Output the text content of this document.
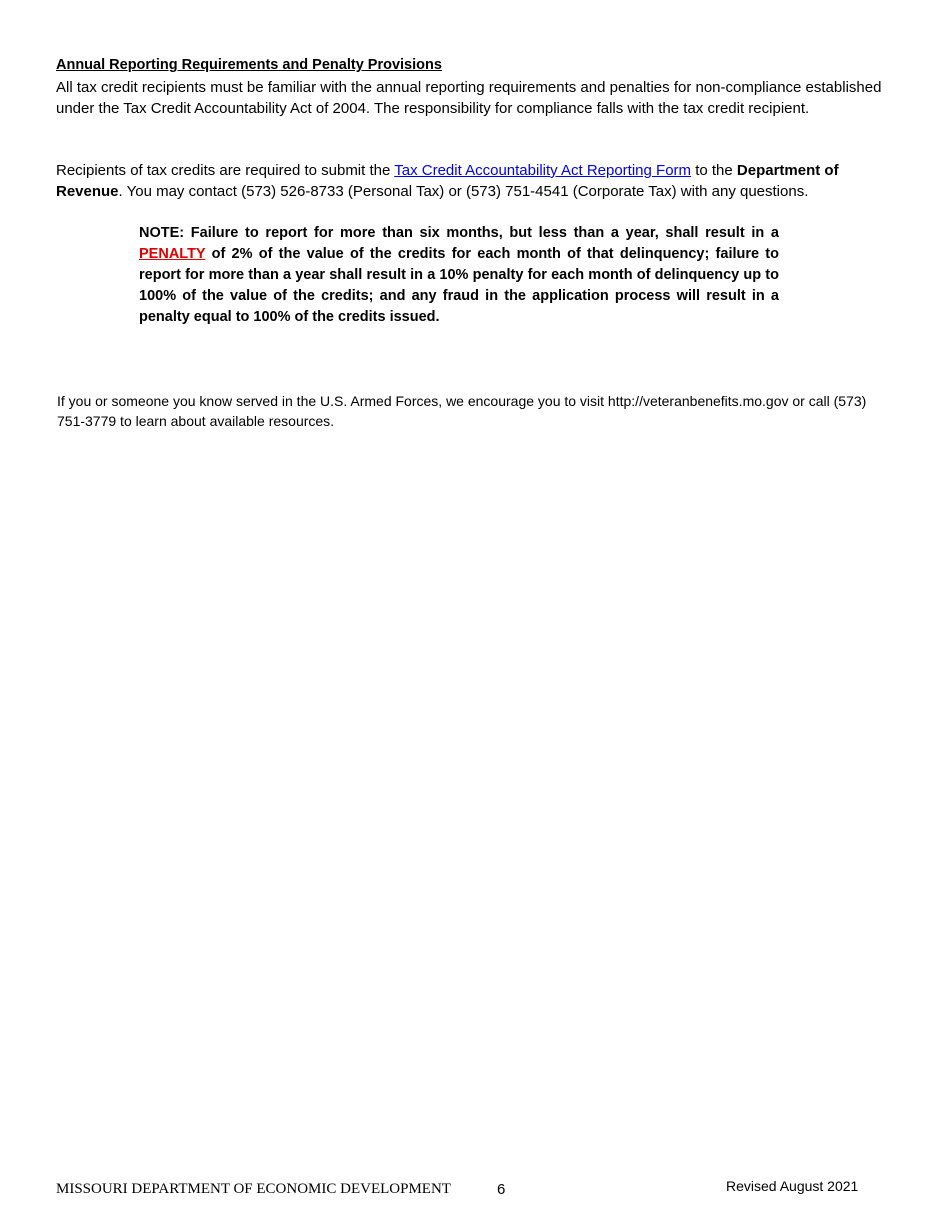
Annual Reporting Requirements and Penalty Provisions
All tax credit recipients must be familiar with the annual reporting requirements and penalties for non-compliance established under the Tax Credit Accountability Act of 2004. The responsibility for compliance falls with the tax credit recipient.
Recipients of tax credits are required to submit the Tax Credit Accountability Act Reporting Form to the Department of Revenue. You may contact (573) 526-8733 (Personal Tax) or (573) 751-4541 (Corporate Tax) with any questions.
NOTE: Failure to report for more than six months, but less than a year, shall result in a PENALTY of 2% of the value of the credits for each month of that delinquency; failure to report for more than a year shall result in a 10% penalty for each month of delinquency up to 100% of the value of the credits; and any fraud in the application process will result in a penalty equal to 100% of the credits issued.
If you or someone you know served in the U.S. Armed Forces, we encourage you to visit http://veteranbenefits.mo.gov or call (573) 751-3779 to learn about available resources.
MISSOURI DEPARTMENT OF ECONOMIC DEVELOPMENT	6	Revised August 2021
